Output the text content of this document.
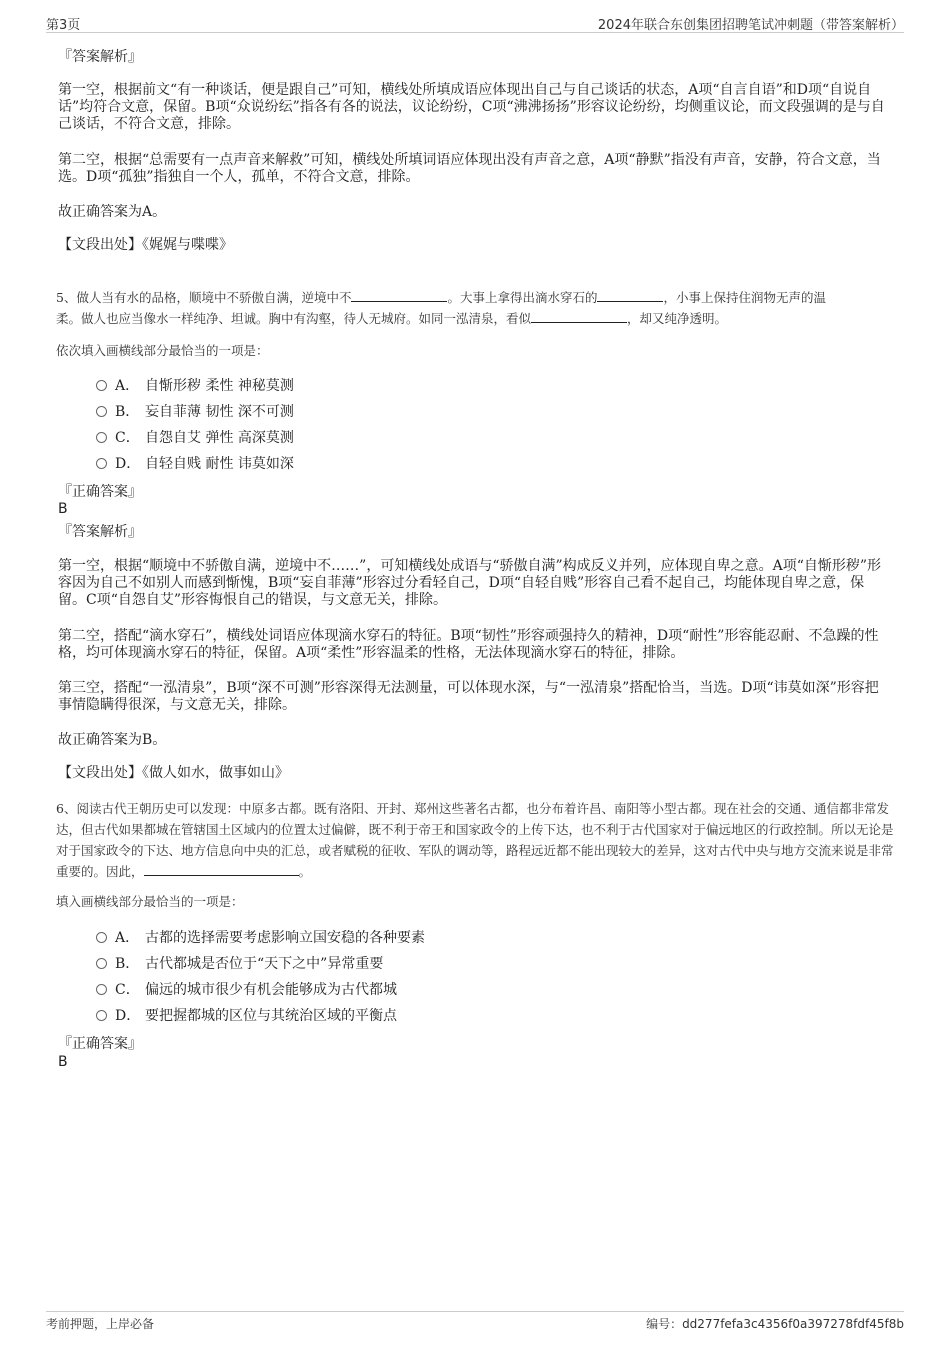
第3页	2024年联合东创集团招聘笔试冲刺题（带答案解析）
『答案解析』
第一空，根据前文“有一种谈话，便是跟自己”可知，横线处所填成语应体现出自己与自己谈话的状态，A项“自言自语”和D项“自说自话”均符合文意，保留。B项“众说纷纭”指各有各的说法，议论纷纷，C项“沸沸扬扬”形容议论纷纷，均侧重议论，而文段强调的是与自己谈话，不符合文意，排除。
第二空，根据“总需要有一点声音来解救”可知，横线处所填词语应体现出没有声音之意，A项“静默”指没有声音，安静，符合文意，当选。D项“孤独”指独自一个人，孤单，不符合文意，排除。
故正确答案为A。
【文段出处】《娓娓与喋喋》
5、做人当有水的品格，顺境中不骄傲自满，逆境中不	。大事上拿得出滴水穿石的	，小事上保持住润物无声的温
柔。做人也应当像水一样纯净、坦诚。胸中有沟壑，待人无城府。如同一泓清泉，看似	，却又纯净透明。
依次填入画横线部分最恰当的一项是：
A． 自惭形秽 柔性 神秘莫测
B． 妄自菲薄 韧性 深不可测
C． 自怨自艾 弹性 高深莫测
D． 自轻自贱 耐性 讳莫如深
『正确答案』
B
『答案解析』
第一空，根据“顺境中不骄傲自满，逆境中不……”，可知横线处成语与“骄傲自满”构成反义并列，应体现自卑之意。A项“自惭形秽”形容因为自己不如别人而感到惭愧，B项“妄自菲薄”形容过分看轻自己，D项“自轻自贱”形容自己看不起自己，均能体现自卑之意，保留。C项“自怨自艾”形容悔恨自己的错误，与文意无关，排除。
第二空，搭配“滴水穿石”，横线处词语应体现滴水穿石的特征。B项“韧性”形容顽强持久的精神，D项“耐性”形容能忍耐、不急躁的性格，均可体现滴水穿石的特征，保留。A项“柔性”形容温柔的性格，无法体现滴水穿石的特征，排除。
第三空，搭配“一泓清泉”，B项“深不可测”形容深得无法测量，可以体现水深，与“一泓清泉”搭配恰当，当选。D项“讳莫如深”形容把事情隐瞒得很深，与文意无关，排除。
故正确答案为B。
【文段出处】《做人如水，做事如山》
6、阅读古代王朝历史可以发现：中原多古都。既有洛阳、开封、郑州这些著名古都，也分布着许昌、南阳等小型古都。现在社会的交通、通信都非常发达，但古代如果都城在管辖国土区域内的位置太过偏僻，既不利于帝王和国家政令的上传下达，也不利于古代国家对于偏远地区的行政控制。所以无论是对于国家政令的下达、地方信息向中央的汇总，或者赋税的征收、军队的调动等，路程远近都不能出现较大的差异，这对古代中央与地方交流来说是非常重要的。因此，	。
填入画横线部分最恰当的一项是：
A． 古都的选择需要考虑影响立国安稳的各种要素
B． 古代都城是否位于“天下之中”异常重要
C． 偏远的城市很少有机会能够成为古代都城
D． 要把握都城的区位与其统治区域的平衡点
『正确答案』
B
考前押题，上岸必备	编号：dd277fefa3c4356f0a397278fdf45f8b
